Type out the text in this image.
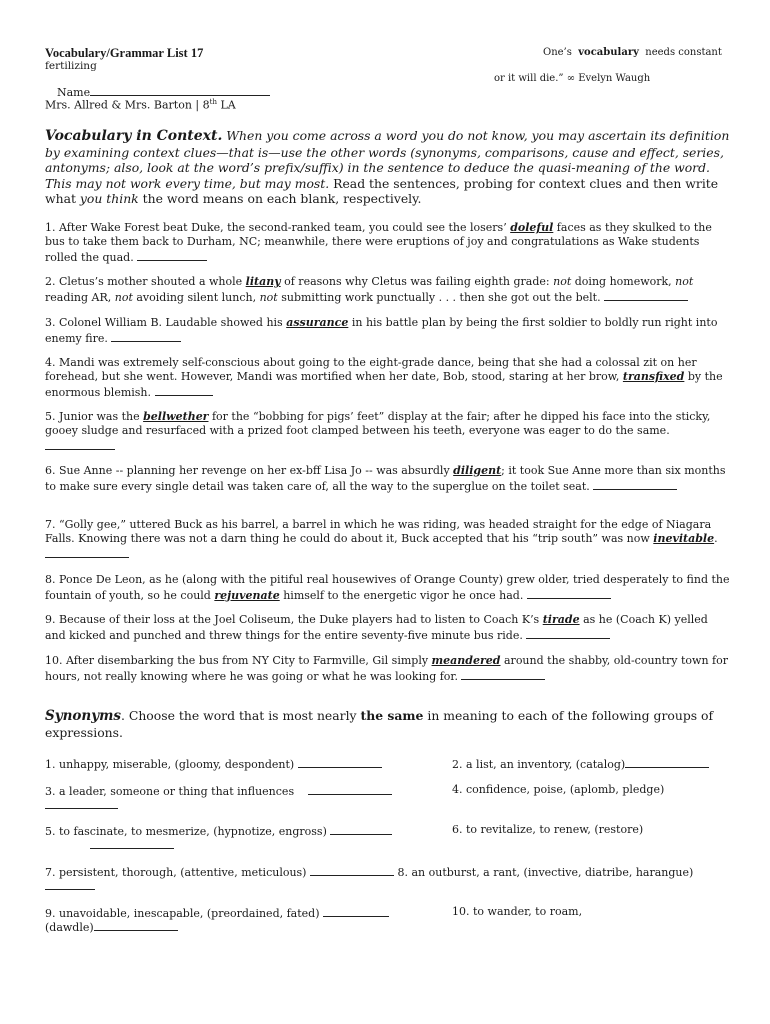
Vocabulary/Grammar List 17	One’s vocabulary needs constant
fertilizing
or it will die.” ∞ Evelyn Waugh
Name
Mrs. Allred & Mrs. Barton | 8th LA
Vocabulary in Context. When you come across a word you do not know, you may ascertain its definition by examining context clues—that is—use the other words (synonyms, comparisons, cause and effect, series, antonyms; also, look at the word’s prefix/suffix) in the sentence to deduce the quasi-meaning of the word. This may not work every time, but may most. Read the sentences, probing for context clues and then write what you think the word means on each blank, respectively.
1. After Wake Forest beat Duke, the second-ranked team, you could see the losers’ doleful faces as they skulked to the bus to take them back to Durham, NC; meanwhile, there were eruptions of joy and congratulations as Wake students rolled the quad.
2. Cletus’s mother shouted a whole litany of reasons why Cletus was failing eighth grade: not doing homework, not reading AR, not avoiding silent lunch, not submitting work punctually . . . then she got out the belt.
3. Colonel William B. Laudable showed his assurance in his battle plan by being the first soldier to boldly run right into enemy fire.
4. Mandi was extremely self-conscious about going to the eight-grade dance, being that she had a colossal zit on her forehead, but she went. However, Mandi was mortified when her date, Bob, stood, staring at her brow, transfixed by the enormous blemish.
5. Junior was the bellwether for the “bobbing for pigs’ feet” display at the fair; after he dipped his face into the sticky, gooey sludge and resurfaced with a prized foot clamped between his teeth, everyone was eager to do the same.
6. Sue Anne -- planning her revenge on her ex-bff Lisa Jo -- was absurdly diligent; it took Sue Anne more than six months to make sure every single detail was taken care of, all the way to the superglue on the toilet seat.
7. “Golly gee,” uttered Buck as his barrel, a barrel in which he was riding, was headed straight for the edge of Niagara Falls. Knowing there was not a darn thing he could do about it, Buck accepted that his “trip south” was now inevitable.
8. Ponce De Leon, as he (along with the pitiful real housewives of Orange County) grew older, tried desperately to find the fountain of youth, so he could rejuvenate himself to the energetic vigor he once had.
9. Because of their loss at the Joel Coliseum, the Duke players had to listen to Coach K’s tirade as he (Coach K) yelled and kicked and punched and threw things for the entire seventy-five minute bus ride.
10. After disembarking the bus from NY City to Farmville, Gil simply meandered around the shabby, old-country town for hours, not really knowing where he was going or what he was looking for.
Synonyms. Choose the word that is most nearly the same in meaning to each of the following groups of expressions.
1. unhappy, miserable, (gloomy, despondent)	2. a list, an inventory, (catalog)
3. a leader, someone or thing that influences	4. confidence, poise, (aplomb, pledge)
5. to fascinate, to mesmerize, (hypnotize, engross)	6. to revitalize, to renew, (restore)
7. persistent, thorough, (attentive, meticulous)	8. an outburst, a rant, (invective, diatribe, harangue)
9. unavoidable, inescapable, (preordained, fated)	10. to wander, to roam,
(dawdle)
